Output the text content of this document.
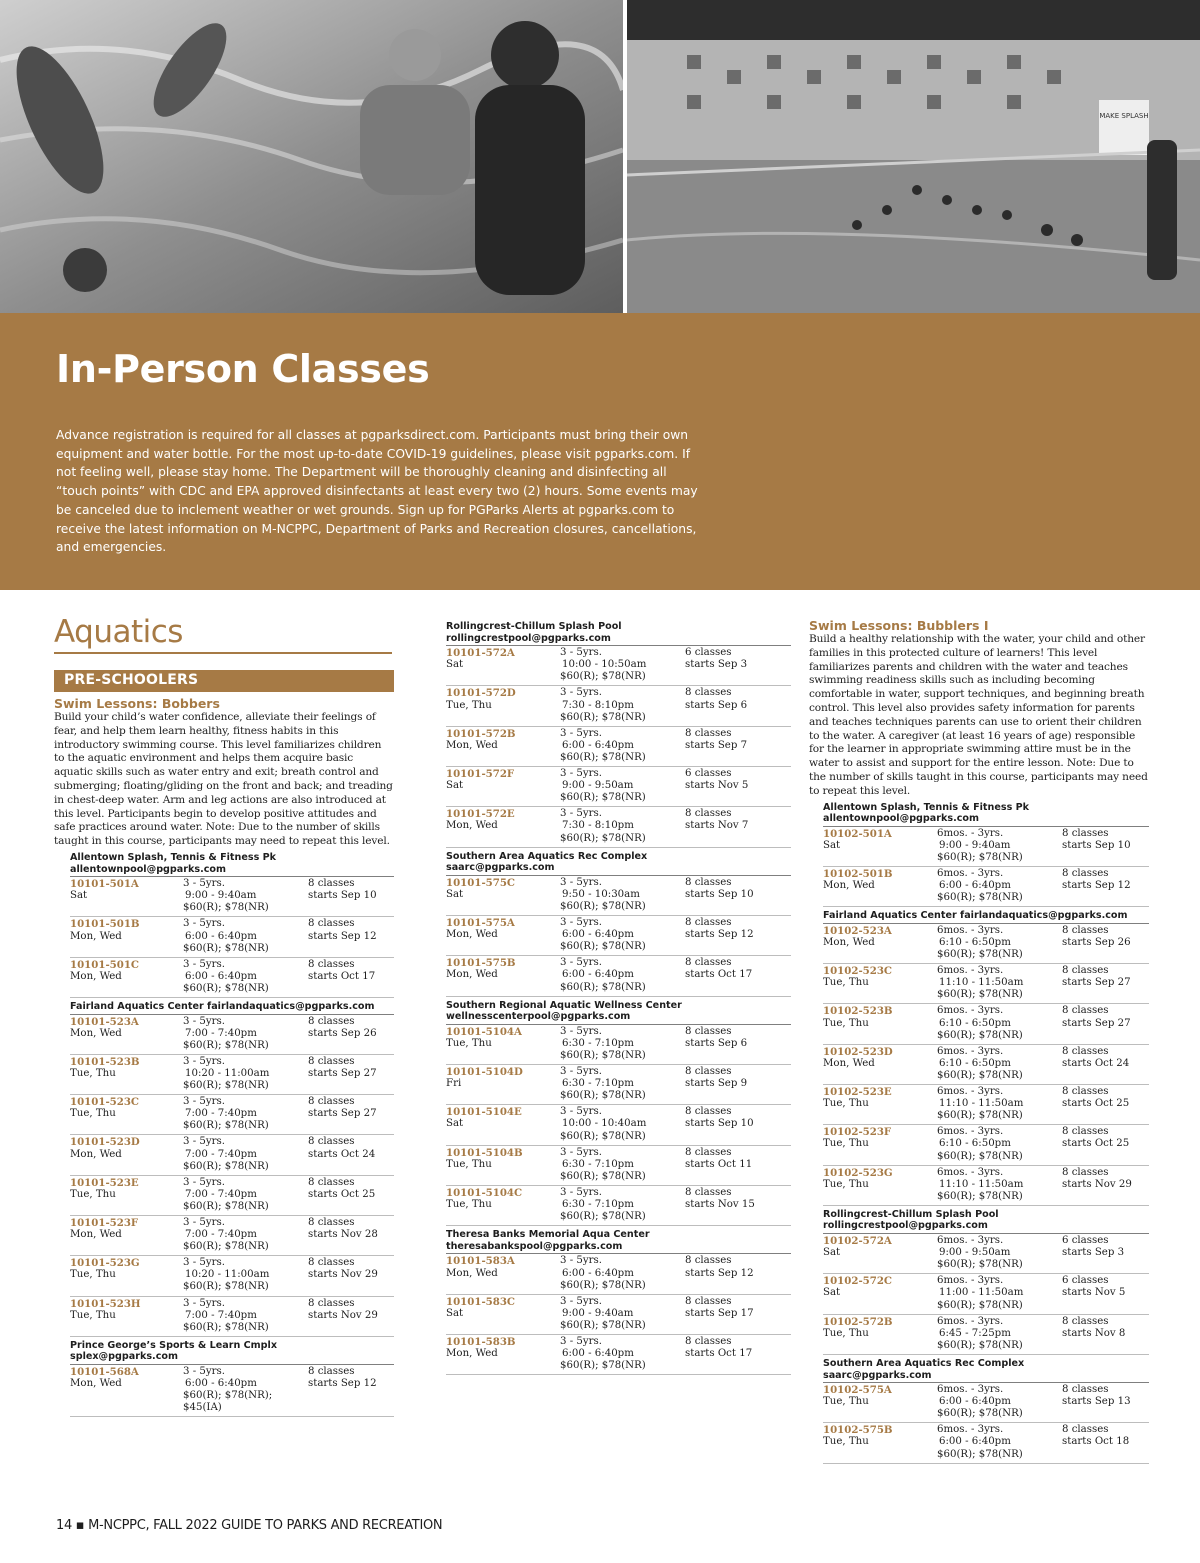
MAKE SPLASH
In-Person Classes

Advance registration is required for all classes at pgparksdirect.com. Participants must bring their own equipment and water bottle. For the most up-to-date COVID-19 guidelines, please visit pgparks.com. If not feeling well, please stay home. The Department will be thoroughly cleaning and disinfecting all “touch points” with CDC and EPA approved disinfectants at least every two (2) hours. Some events may be canceled due to inclement weather or wet grounds. Sign up for PGParks Alerts at pgparks.com to receive the latest information on M-NCPPC, Department of Parks and Recreation closures, cancellations, and emergencies.

Aquatics
PRE-SCHOOLERS
Swim Lessons: Bobbers
Build your child’s water confidence, alleviate their feelings of fear, and help them learn healthy, fitness habits in this introductory swimming course. This level familiarizes children to the aquatic environment and helps them acquire basic aquatic skills such as water entry and exit; breath control and submerging; floating/gliding on the front and back; and treading in chest-deep water. Arm and leg actions are also introduced at this level. Participants begin to develop positive attitudes and safe practices around water. Note: Due to the number of skills taught in this course, participants may need to repeat this level.
Allentown Splash, Tennis & Fitness Pk
allentownpool@pgparks.com
10101-501A
Sat
3 - 5yrs.
9:00 - 9:40am
$60(R); $78(NR)
8 classes
starts Sep 10
10101-501B
Mon, Wed
3 - 5yrs.
6:00 - 6:40pm
$60(R); $78(NR)
8 classes
starts Sep 12
10101-501C
Mon, Wed
3 - 5yrs.
6:00 - 6:40pm
$60(R); $78(NR)
8 classes
starts Oct 17
Fairland Aquatics Center fairlandaquatics@pgparks.com
10101-523A
Mon, Wed
3 - 5yrs.
7:00 - 7:40pm
$60(R); $78(NR)
8 classes
starts Sep 26
10101-523B
Tue, Thu
3 - 5yrs.
10:20 - 11:00am
$60(R); $78(NR)
8 classes
starts Sep 27
10101-523C
Tue, Thu
3 - 5yrs.
7:00 - 7:40pm
$60(R); $78(NR)
8 classes
starts Sep 27
10101-523D
Mon, Wed
3 - 5yrs.
7:00 - 7:40pm
$60(R); $78(NR)
8 classes
starts Oct 24
10101-523E
Tue, Thu
3 - 5yrs.
7:00 - 7:40pm
$60(R); $78(NR)
8 classes
starts Oct 25
10101-523F
Mon, Wed
3 - 5yrs.
7:00 - 7:40pm
$60(R); $78(NR)
8 classes
starts Nov 28
10101-523G
Tue, Thu
3 - 5yrs.
10:20 - 11:00am
$60(R); $78(NR)
8 classes
starts Nov 29
10101-523H
Tue, Thu
3 - 5yrs.
7:00 - 7:40pm
$60(R); $78(NR)
8 classes
starts Nov 29
Prince George’s Sports & Learn Cmplx
splex@pgparks.com
10101-568A
Mon, Wed
3 - 5yrs.
6:00 - 6:40pm
$60(R); $78(NR); $45(IA)
8 classes
starts Sep 12
Rollingcrest-Chillum Splash Pool
rollingcrestpool@pgparks.com
10101-572A
Sat
3 - 5yrs.
10:00 - 10:50am
$60(R); $78(NR)
6 classes
starts Sep 3
10101-572D
Tue, Thu
3 - 5yrs.
7:30 - 8:10pm
$60(R); $78(NR)
8 classes
starts Sep 6
10101-572B
Mon, Wed
3 - 5yrs.
6:00 - 6:40pm
$60(R); $78(NR)
8 classes
starts Sep 7
10101-572F
Sat
3 - 5yrs.
9:00 - 9:50am
$60(R); $78(NR)
6 classes
starts Nov 5
10101-572E
Mon, Wed
3 - 5yrs.
7:30 - 8:10pm
$60(R); $78(NR)
8 classes
starts Nov 7
Southern Area Aquatics Rec Complex
saarc@pgparks.com
10101-575C
Sat
3 - 5yrs.
9:50 - 10:30am
$60(R); $78(NR)
8 classes
starts Sep 10
10101-575A
Mon, Wed
3 - 5yrs.
6:00 - 6:40pm
$60(R); $78(NR)
8 classes
starts Sep 12
10101-575B
Mon, Wed
3 - 5yrs.
6:00 - 6:40pm
$60(R); $78(NR)
8 classes
starts Oct 17
Southern Regional Aquatic Wellness Center
wellnesscenterpool@pgparks.com
10101-5104A
Tue, Thu
3 - 5yrs.
6:30 - 7:10pm
$60(R); $78(NR)
8 classes
starts Sep 6
10101-5104D
Fri
3 - 5yrs.
6:30 - 7:10pm
$60(R); $78(NR)
8 classes
starts Sep 9
10101-5104E
Sat
3 - 5yrs.
10:00 - 10:40am
$60(R); $78(NR)
8 classes
starts Sep 10
10101-5104B
Tue, Thu
3 - 5yrs.
6:30 - 7:10pm
$60(R); $78(NR)
8 classes
starts Oct 11
10101-5104C
Tue, Thu
3 - 5yrs.
6:30 - 7:10pm
$60(R); $78(NR)
8 classes
starts Nov 15
Theresa Banks Memorial Aqua Center
theresabankspool@pgparks.com
10101-583A
Mon, Wed
3 - 5yrs.
6:00 - 6:40pm
$60(R); $78(NR)
8 classes
starts Sep 12
10101-583C
Sat
3 - 5yrs.
9:00 - 9:40am
$60(R); $78(NR)
8 classes
starts Sep 17
10101-583B
Mon, Wed
3 - 5yrs.
6:00 - 6:40pm
$60(R); $78(NR)
8 classes
starts Oct 17
Swim Lessons: Bubblers I
Build a healthy relationship with the water, your child and other families in this protected culture of learners! This level familiarizes parents and children with the water and teaches swimming readiness skills such as including becoming comfortable in water, support techniques, and beginning breath control. This level also provides safety information for parents and teaches techniques parents can use to orient their children to the water. A caregiver (at least 16 years of age) responsible for the learner in appropriate swimming attire must be in the water to assist and support for the entire lesson. Note: Due to the number of skills taught in this course, participants may need to repeat this level.
Allentown Splash, Tennis & Fitness Pk
allentownpool@pgparks.com
10102-501A
Sat
6mos. - 3yrs.
9:00 - 9:40am
$60(R); $78(NR)
8 classes
starts Sep 10
10102-501B
Mon, Wed
6mos. - 3yrs.
6:00 - 6:40pm
$60(R); $78(NR)
8 classes
starts Sep 12
Fairland Aquatics Center fairlandaquatics@pgparks.com
10102-523A
Mon, Wed
6mos. - 3yrs.
6:10 - 6:50pm
$60(R); $78(NR)
8 classes
starts Sep 26
10102-523C
Tue, Thu
6mos. - 3yrs.
11:10 - 11:50am
$60(R); $78(NR)
8 classes
starts Sep 27
10102-523B
Tue, Thu
6mos. - 3yrs.
6:10 - 6:50pm
$60(R); $78(NR)
8 classes
starts Sep 27
10102-523D
Mon, Wed
6mos. - 3yrs.
6:10 - 6:50pm
$60(R); $78(NR)
8 classes
starts Oct 24
10102-523E
Tue, Thu
6mos. - 3yrs.
11:10 - 11:50am
$60(R); $78(NR)
8 classes
starts Oct 25
10102-523F
Tue, Thu
6mos. - 3yrs.
6:10 - 6:50pm
$60(R); $78(NR)
8 classes
starts Oct 25
10102-523G
Tue, Thu
6mos. - 3yrs.
11:10 - 11:50am
$60(R); $78(NR)
8 classes
starts Nov 29
Rollingcrest-Chillum Splash Pool
rollingcrestpool@pgparks.com
10102-572A
Sat
6mos. - 3yrs.
9:00 - 9:50am
$60(R); $78(NR)
6 classes
starts Sep 3
10102-572C
Sat
6mos. - 3yrs.
11:00 - 11:50am
$60(R); $78(NR)
6 classes
starts Nov 5
10102-572B
Tue, Thu
6mos. - 3yrs.
6:45 - 7:25pm
$60(R); $78(NR)
8 classes
starts Nov 8
Southern Area Aquatics Rec Complex
saarc@pgparks.com
10102-575A
Tue, Thu
6mos. - 3yrs.
6:00 - 6:40pm
$60(R); $78(NR)
8 classes
starts Sep 13
10102-575B
Tue, Thu
6mos. - 3yrs.
6:00 - 6:40pm
$60(R); $78(NR)
8 classes
starts Oct 18
14 ▪ M-NCPPC, FALL 2022 GUIDE TO PARKS AND RECREATION
